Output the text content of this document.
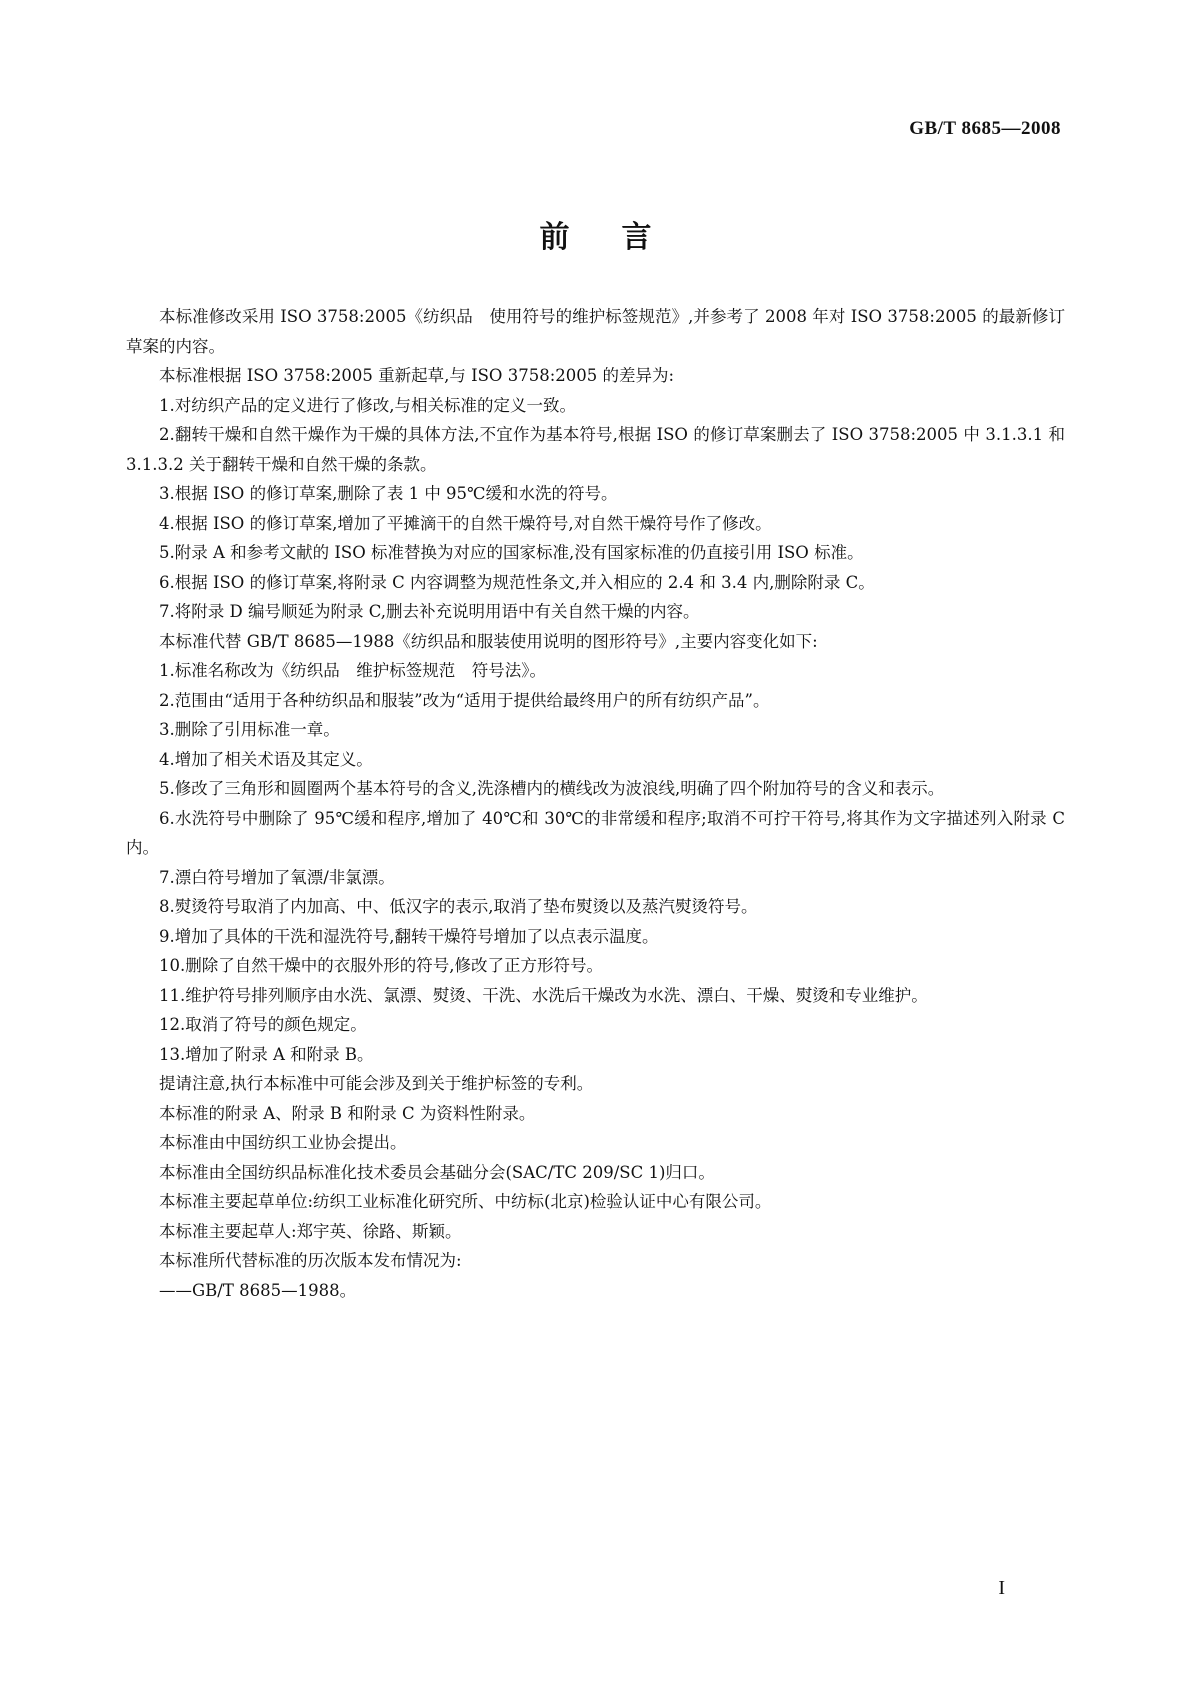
GB/T 8685—2008
前言

本标准修改采用 ISO 3758:2005《纺织品　使用符号的维护标签规范》,并参考了 2008 年对 ISO 3758:2005 的最新修订草案的内容。

本标准根据 ISO 3758:2005 重新起草,与 ISO 3758:2005 的差异为:

1.对纺织产品的定义进行了修改,与相关标准的定义一致。

2.翻转干燥和自然干燥作为干燥的具体方法,不宜作为基本符号,根据 ISO 的修订草案删去了 ISO 3758:2005 中 3.1.3.1 和 3.1.3.2 关于翻转干燥和自然干燥的条款。

3.根据 ISO 的修订草案,删除了表 1 中 95℃缓和水洗的符号。

4.根据 ISO 的修订草案,增加了平摊滴干的自然干燥符号,对自然干燥符号作了修改。

5.附录 A 和参考文献的 ISO 标准替换为对应的国家标准,没有国家标准的仍直接引用 ISO 标准。

6.根据 ISO 的修订草案,将附录 C 内容调整为规范性条文,并入相应的 2.4 和 3.4 内,删除附录 C。

7.将附录 D 编号顺延为附录 C,删去补充说明用语中有关自然干燥的内容。

本标准代替 GB/T 8685—1988《纺织品和服装使用说明的图形符号》,主要内容变化如下:

1.标准名称改为《纺织品　维护标签规范　符号法》。

2.范围由“适用于各种纺织品和服装”改为“适用于提供给最终用户的所有纺织产品”。

3.删除了引用标准一章。

4.增加了相关术语及其定义。

5.修改了三角形和圆圈两个基本符号的含义,洗涤槽内的横线改为波浪线,明确了四个附加符号的含义和表示。

6.水洗符号中删除了 95℃缓和程序,增加了 40℃和 30℃的非常缓和程序;取消不可拧干符号,将其作为文字描述列入附录 C 内。

7.漂白符号增加了氧漂/非氯漂。

8.熨烫符号取消了内加高、中、低汉字的表示,取消了垫布熨烫以及蒸汽熨烫符号。

9.增加了具体的干洗和湿洗符号,翻转干燥符号增加了以点表示温度。

10.删除了自然干燥中的衣服外形的符号,修改了正方形符号。

11.维护符号排列顺序由水洗、氯漂、熨烫、干洗、水洗后干燥改为水洗、漂白、干燥、熨烫和专业维护。

12.取消了符号的颜色规定。

13.增加了附录 A 和附录 B。

提请注意,执行本标准中可能会涉及到关于维护标签的专利。

本标准的附录 A、附录 B 和附录 C 为资料性附录。

本标准由中国纺织工业协会提出。

本标准由全国纺织品标准化技术委员会基础分会(SAC/TC 209/SC 1)归口。

本标准主要起草单位:纺织工业标准化研究所、中纺标(北京)检验认证中心有限公司。

本标准主要起草人:郑宇英、徐路、斯颖。

本标准所代替标准的历次版本发布情况为:

——GB/T 8685—1988。

I
